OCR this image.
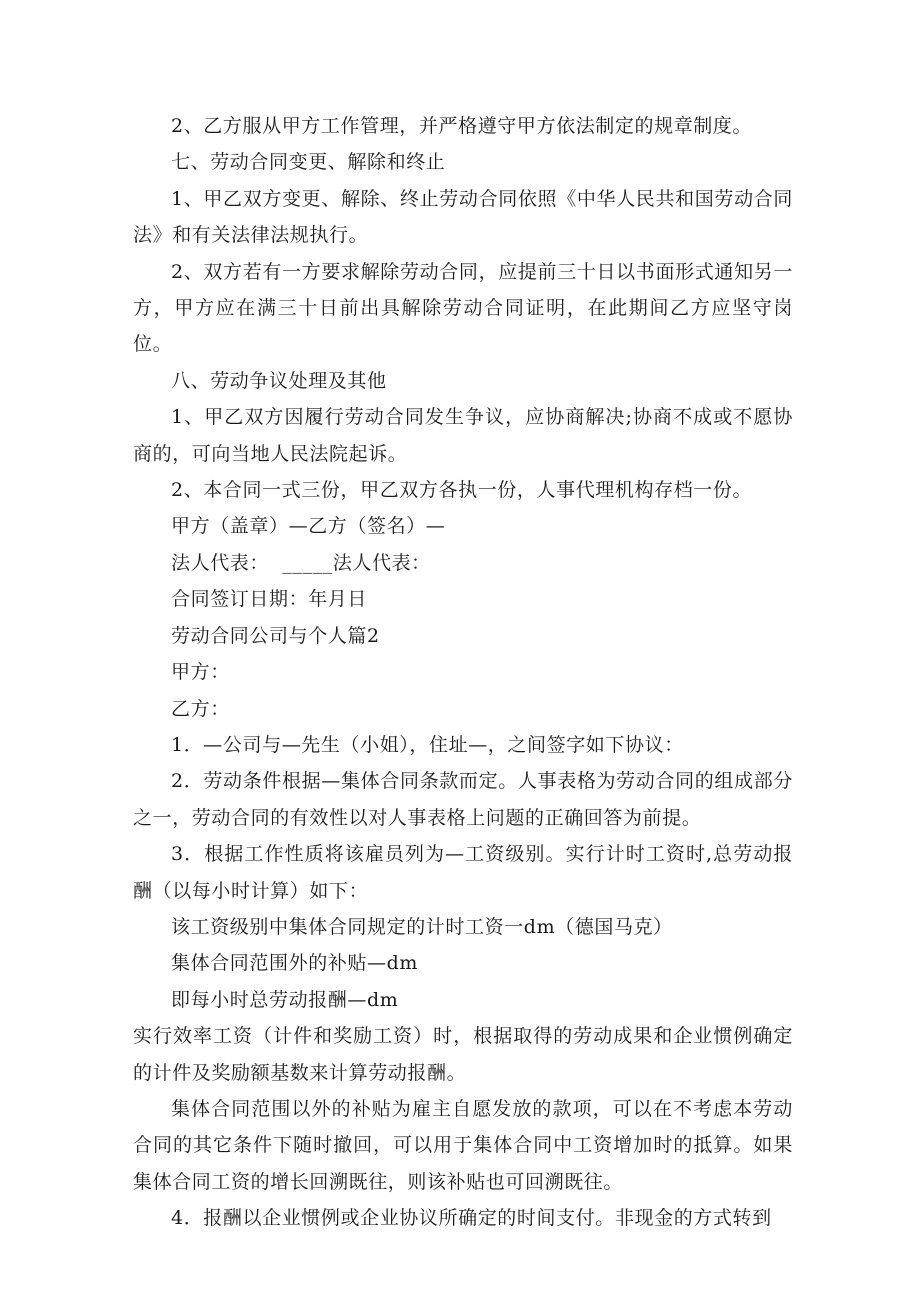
2、乙方服从甲方工作管理，并严格遵守甲方依法制定的规章制度。

七、劳动合同变更、解除和终止

1、甲乙双方变更、解除、终止劳动合同依照《中华人民共和国劳动合同法》和有关法律法规执行。

2、双方若有一方要求解除劳动合同，应提前三十日以书面形式通知另一方，甲方应在满三十日前出具解除劳动合同证明，在此期间乙方应坚守岗位。

八、劳动争议处理及其他

1、甲乙双方因履行劳动合同发生争议，应协商解决;协商不成或不愿协商的，可向当地人民法院起诉。

2、本合同一式三份，甲乙双方各执一份，人事代理机构存档一份。

甲方（盖章）—乙方（签名）—

法人代表：  _____法人代表：

合同签订日期：年月日

劳动合同公司与个人篇2

甲方：

乙方：

1．—公司与—先生（小姐），住址—，之间签字如下协议：

2．劳动条件根据—集体合同条款而定。人事表格为劳动合同的组成部分之一，劳动合同的有效性以对人事表格上问题的正确回答为前提。

3．根据工作性质将该雇员列为—工资级别。实行计时工资时,总劳动报酬（以每小时计算）如下：

该工资级别中集体合同规定的计时工资一dm（德国马克）

集体合同范围外的补贴—dm

即每小时总劳动报酬—dm

实行效率工资（计件和奖励工资）时，根据取得的劳动成果和企业惯例确定的计件及奖励额基数来计算劳动报酬。

集体合同范围以外的补贴为雇主自愿发放的款项，可以在不考虑本劳动合同的其它条件下随时撤回，可以用于集体合同中工资增加时的抵算。如果集体合同工资的增长回溯既往，则该补贴也可回溯既往。

4．报酬以企业惯例或企业协议所确定的时间支付。非现金的方式转到
